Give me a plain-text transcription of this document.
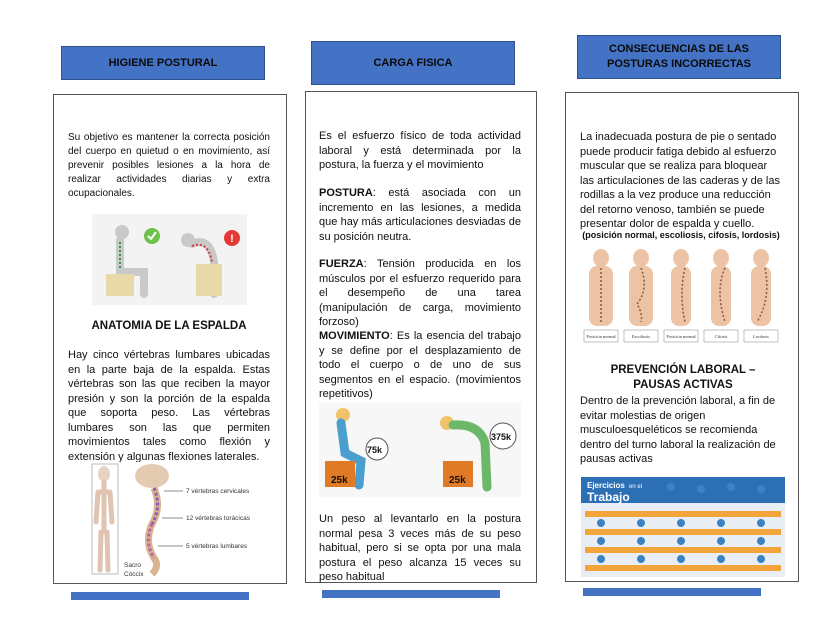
HIGIENE POSTURAL
Su objetivo es mantener la correcta posición del cuerpo en quietud o en movimiento, así prevenir posibles lesiones a la hora de realizar actividades diarias y extra ocupacionales.
!
ANATOMIA DE LA ESPALDA
Hay cinco vértebras lumbares ubicadas en la parte baja de la espalda. Estas vértebras son las que reciben la mayor presión y son la porción de la espalda que soporta peso. Las vértebras lumbares son las que permiten movimientos tales como flexión y extensión y algunas flexiones laterales.
7 vértebras cervicales
12 vértebras torácicas
5 vértebras lumbares
Sacro
Cóccix
CARGA FISICA
Es el esfuerzo físico de toda actividad laboral y está determinada por la postura, la fuerza y el movimiento
POSTURA: está asociada con un incremento en las lesiones, a medida que hay más articulaciones desviadas de su posición neutra.
FUERZA: Tensión producida en los músculos por el esfuerzo requerido para el desempeño de una tarea (manipulación de carga, movimiento forzoso)
MOVIMIENTO: Es la esencia del trabajo y se define por el desplazamiento de todo el cuerpo o de uno de sus segmentos en el espacio. (movimientos repetitivos)
25k
75k
25k
375k
Un peso al levantarlo en la postura normal pesa 3 veces más de su peso habitual, pero si se opta por una mala postura el peso alcanza 15 veces su peso habitual
CONSECUENCIAS DE LAS POSTURAS INCORRECTAS
La inadecuada postura de pie o sentado puede producir fatiga debido al esfuerzo muscular que se realiza para bloquear las articulaciones de las caderas y de las rodillas a la vez produce una reducción del retorno venoso, también se puede presentar dolor de espalda y cuello.
(posición normal, escoliosis, cifosis, lordosis)
Posición normal	Escoliosis	Posición normal	Cifosis	Lordosis
PREVENCIÓN LABORAL – PAUSAS ACTIVAS
Dentro de la prevención laboral, a fin de evitar molestias de origen musculoesqueléticos se recomienda dentro del turno laboral la realización de pausas activas
Ejercicios en el
Trabajo
